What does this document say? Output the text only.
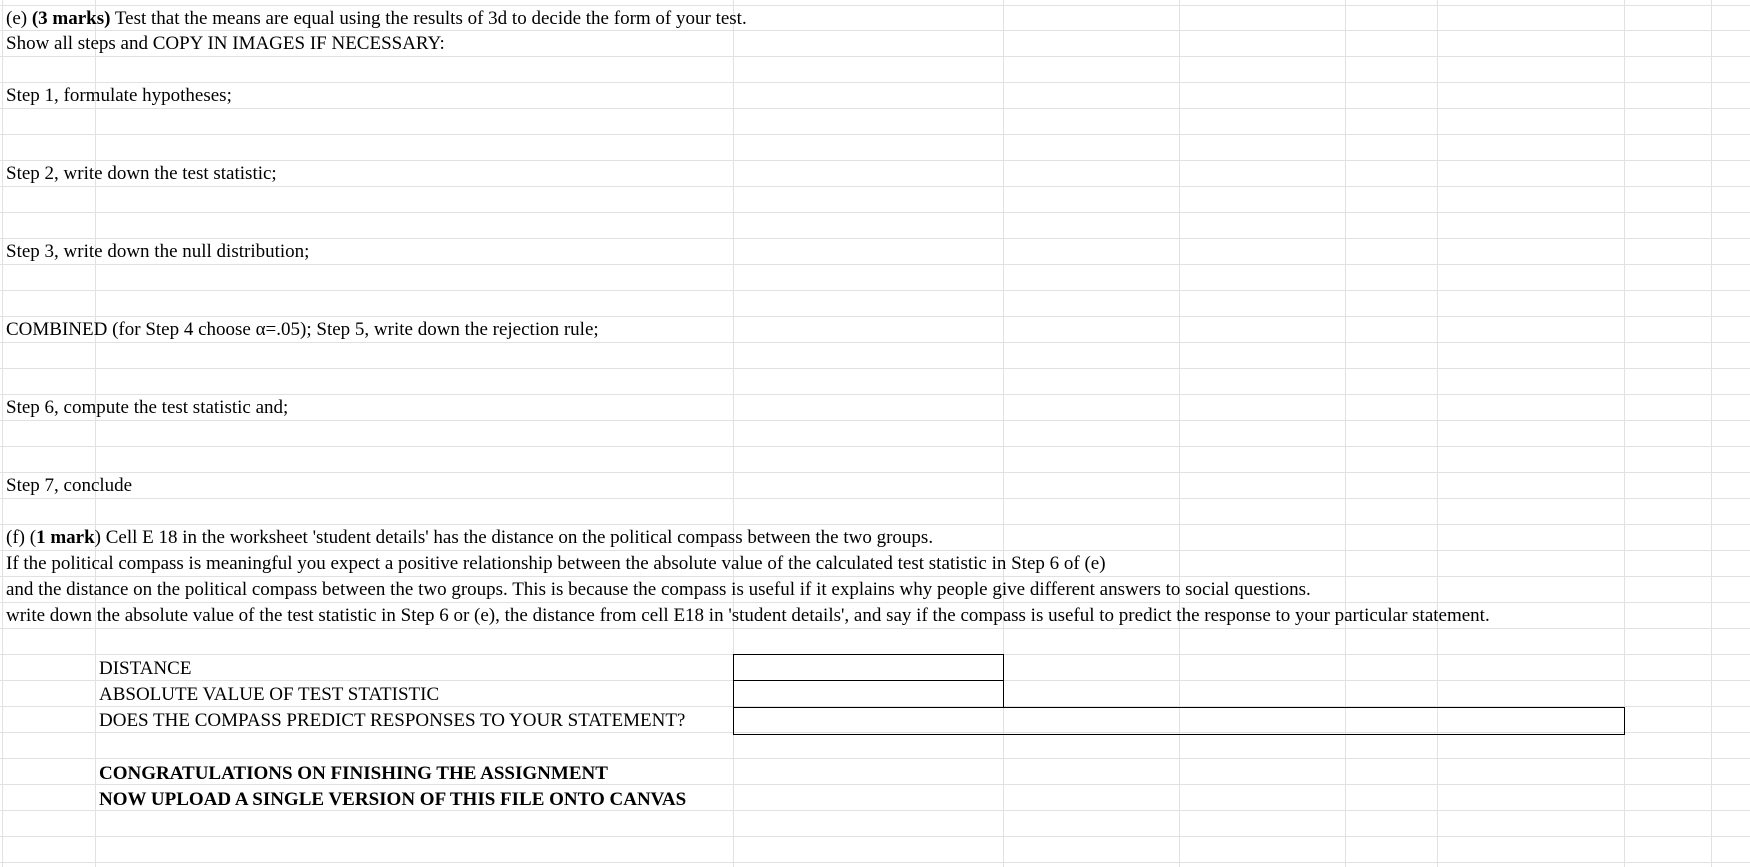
(e) (3 marks) Test that the means are equal using the results of 3d to decide the form of your test.
Show all steps and COPY IN IMAGES IF NECESSARY:
Step 1, formulate hypotheses;
Step 2, write down the test statistic;
Step 3, write down the null distribution;
COMBINED (for Step 4 choose α=.05); Step 5, write down the rejection rule;
Step 6, compute the test statistic and;
Step 7, conclude
(f) (1 mark) Cell E 18 in the worksheet 'student details' has the distance on the political compass between the two groups.
If the political compass is meaningful you expect a positive relationship between the absolute value of the calculated test statistic in Step 6 of (e)
and the distance on the political compass between the two groups. This is because the compass is useful if it explains why people give different answers to social questions.
write down the absolute value of the test statistic in Step 6 or (e), the distance from cell E18 in 'student details', and say if the compass is useful to predict the response to your particular statement.
DISTANCE
ABSOLUTE VALUE OF TEST STATISTIC
DOES THE COMPASS PREDICT RESPONSES TO YOUR STATEMENT?
CONGRATULATIONS ON FINISHING THE ASSIGNMENT
NOW UPLOAD A SINGLE VERSION OF THIS FILE ONTO CANVAS
